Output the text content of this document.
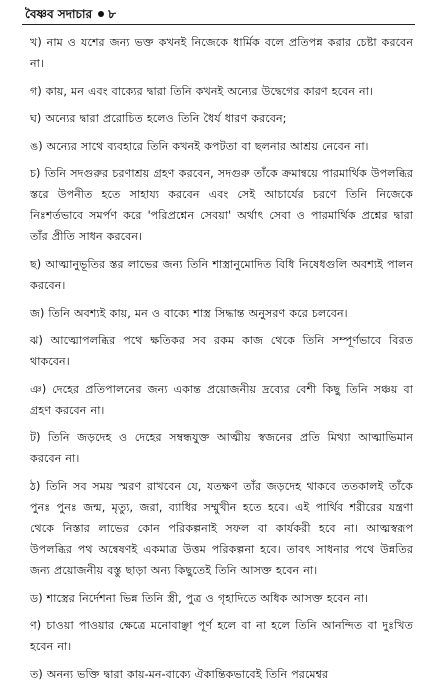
বৈষ্ণব সদাচার ৮

খ) নাম ও যশের জন্য ভক্ত কখনই নিজেকে ধার্মিক বলে প্রতিপন্ন করার চেষ্টা করবেন না।

গ) কায়, মন এবং বাক্যের দ্বারা তিনি কখনই অন্যের উদ্বেগের কারণ হবেন না।

ঘ) অন্যের দ্বারা প্ররোচিত হলেও তিনি ধৈর্য ধারণ করবেন;

ঙ) অন্যের সাথে ব্যবহারে তিনি কখনই কপটতা বা ছলনার আশ্রয় নেবেন না।

চ) তিনি সদগুরুর চরণাশ্রয় গ্রহণ করবেন, সদগুরু তাঁকে ক্রমান্বয়ে পারমার্থিক উপলব্ধির স্তরে উপনীত হতে সাহায্য করবেন এবং সেই আচার্যের চরণে তিনি নিজেকে নিঃশর্তভাবে সমর্পণ করে 'পরিপ্রশ্নেন সেবয়া' অর্থাৎ সেবা ও পারমার্থিক প্রশ্নের দ্বারা তাঁর প্রীতি সাধন করবেন।

ছ) আত্মানুভূতির স্তর লাভের জন্য তিনি শাস্ত্রানুমোদিত বিধি নিষেধগুলি অবশ্যই পালন করবেন।

জ) তিনি অবশ্যই কায়, মন ও বাক্যে শাস্ত্র সিদ্ধান্ত অনুসরণ করে চলবেন।

ঝ) আত্মোপলব্ধির পথে ক্ষতিকর সব রকম কাজ থেকে তিনি সম্পূর্ণভাবে বিরত থাকবেন।

ঞ) দেহের প্রতিপালনের জন্য একান্ত প্রয়োজনীয় দ্রব্যের বেশী কিছু তিনি সঞ্চয় বা গ্রহণ করবেন না।

ট) তিনি জড়দেহ ও দেহের সম্বন্ধযুক্ত আত্মীয় স্বজনের প্রতি মিথ্যা আত্মাভিমান করবেন না।

ঠ) তিনি সব সময় স্মরণ রাখবেন যে, যতক্ষণ তাঁর জড়দেহ থাকবে ততকালই তাঁকে পুনঃ পুনঃ জন্ম, মৃত্যু, জরা, ব্যাধির সম্মুখীন হতে হবে। এই পার্থিব শরীরের যন্ত্রণা থেকে নিস্তার লাভের কোন পরিকল্পনাই সফল বা কার্যকরী হবে না। আত্মস্বরূপ উপলব্ধির পথ অন্বেষণই একমাত্র উত্তম পরিকল্পনা হবে। তাবৎ সাধনার পথে উন্নতির জন্য প্রয়োজনীয় বস্তু ছাড়া অন্য কিছুতেই তিনি আসক্ত হবেন না।

ড) শাস্ত্রের নির্দেশনা ভিন্ন তিনি স্ত্রী, পুত্র ও গৃহাদিতে অধিক আসক্ত হবেন না।

ণ) চাওয়া পাওয়ার ক্ষেত্রে মনোবাঞ্ছা পূর্ণ হলে বা না হলে তিনি আনন্দিত বা দুঃখিত হবেন না।

ত) অনন্য ভক্তি দ্বারা কায়-মন-বাক্যে ঐকান্তিকভাবেই তিনি পরমেশ্বর
